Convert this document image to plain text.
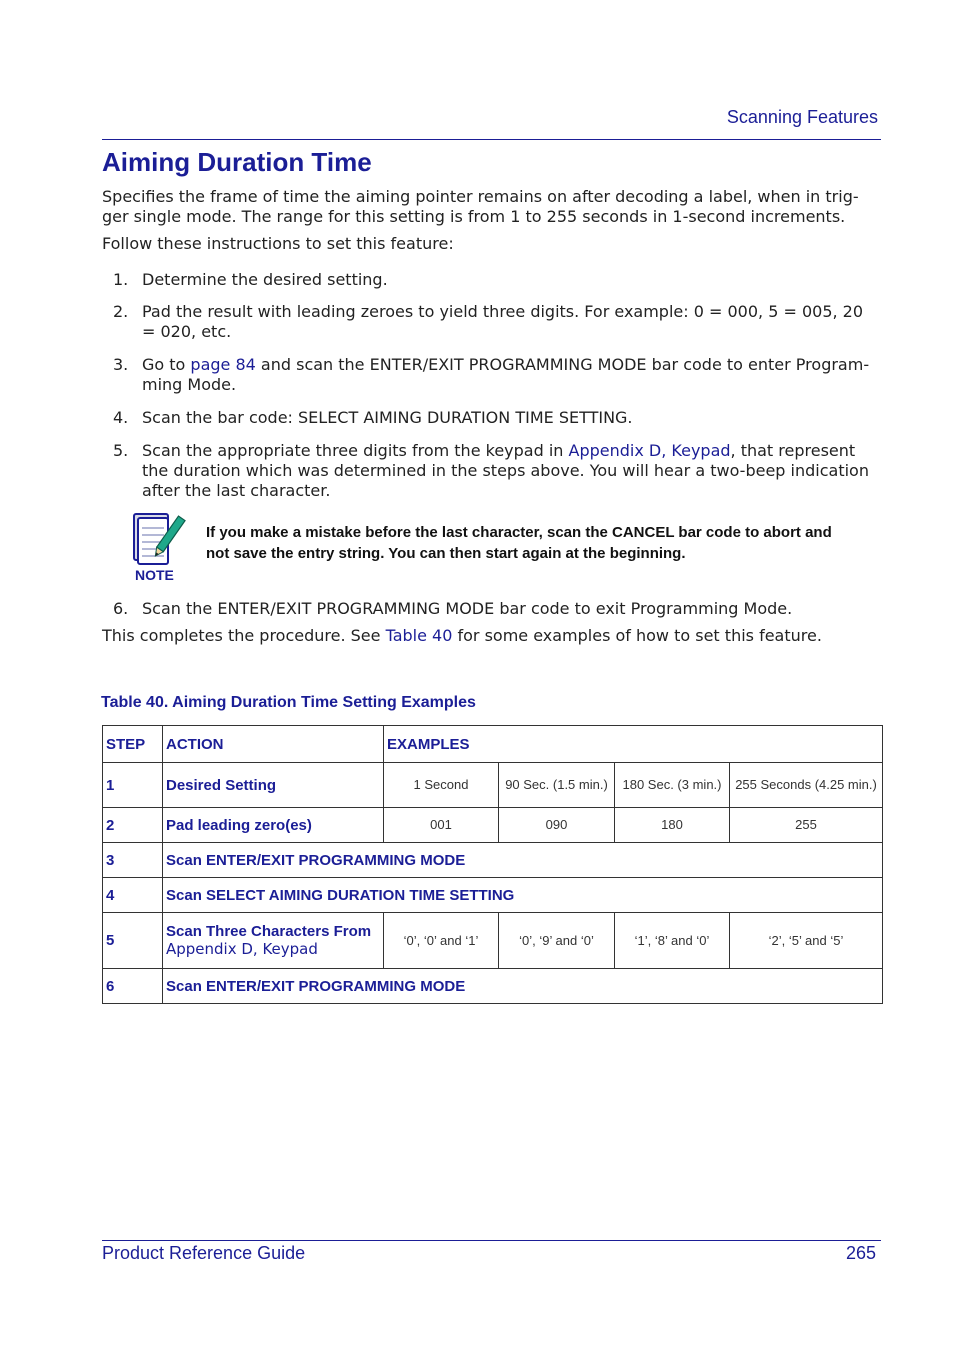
Scanning Features
Aiming Duration Time

Specifies the frame of time the aiming pointer remains on after decoding a label, when in trig-
ger single mode. The range for this setting is from 1 to 255 seconds in 1-second increments.

Follow these instructions to set this feature:

1. Determine the desired setting.
2. Pad the result with leading zeroes to yield three digits. For example: 0 = 000, 5 = 005, 20
= 020, etc.
3. Go to page 84 and scan the ENTER/EXIT PROGRAMMING MODE bar code to enter Program-
ming Mode.
4. Scan the bar code: SELECT AIMING DURATION TIME SETTING.
5. Scan the appropriate three digits from the keypad in Appendix D, Keypad, that represent
the duration which was determined in the steps above. You will hear a two-beep indication
after the last character.
NOTE
If you make a mistake before the last character, scan the CANCEL bar code to abort and
not save the entry string. You can then start again at the beginning.
6. Scan the ENTER/EXIT PROGRAMMING MODE bar code to exit Programming Mode.

This completes the procedure. See Table 40 for some examples of how to set this feature.

Table 40. Aiming Duration Time Setting Examples
STEP	ACTION	EXAMPLES			
1	Desired Setting	1 Second	90 Sec. (1.5 min.)	180 Sec. (3 min.)	255 Seconds (4.25 min.)
2	Pad leading zero(es)	001	090	180	255
3	Scan ENTER/EXIT PROGRAMMING MODE				
4	Scan SELECT AIMING DURATION TIME SETTING				
5	Scan Three Characters From
Appendix D, Keypad	‘0’, ‘0’ and ‘1’	‘0’, ‘9’ and ‘0’	‘1’, ‘8’ and ‘0’	‘2’, ‘5’ and ‘5’
6	Scan ENTER/EXIT PROGRAMMING MODE				
Product Reference Guide	265
